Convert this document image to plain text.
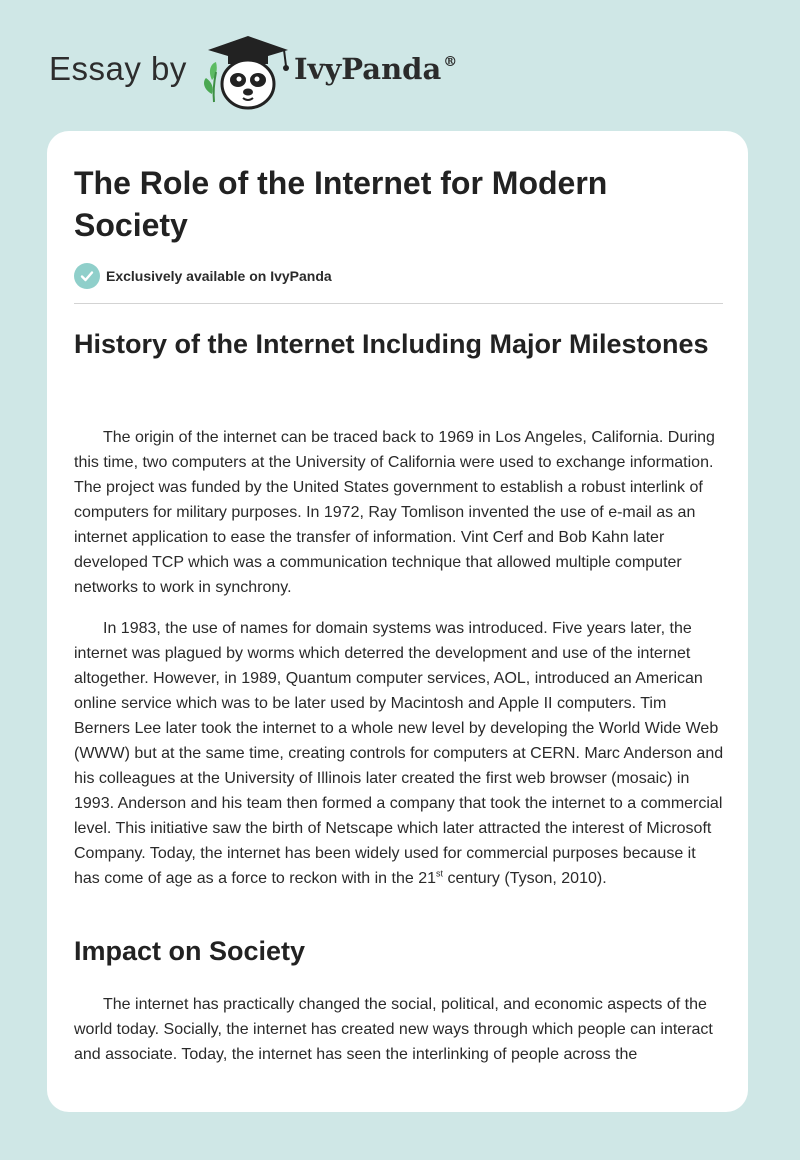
Essay by	IvyPanda ®
The Role of the Internet for Modern Society
Exclusively available on IvyPanda
History of the Internet Including Major Milestones

The origin of the internet can be traced back to 1969 in Los Angeles, California. During this time, two computers at the University of California were used to exchange information. The project was funded by the United States government to establish a robust interlink of computers for military purposes. In 1972, Ray Tomlison invented the use of e-mail as an internet application to ease the transfer of information. Vint Cerf and Bob Kahn later developed TCP which was a communication technique that allowed multiple computer networks to work in synchrony.

In 1983, the use of names for domain systems was introduced. Five years later, the internet was plagued by worms which deterred the development and use of the internet altogether. However, in 1989, Quantum computer services, AOL, introduced an American online service which was to be later used by Macintosh and Apple II computers. Tim Berners Lee later took the internet to a whole new level by developing the World Wide Web (WWW) but at the same time, creating controls for computers at CERN. Marc Anderson and his colleagues at the University of Illinois later created the first web browser (mosaic) in 1993. Anderson and his team then formed a company that took the internet to a commercial level. This initiative saw the birth of Netscape which later attracted the interest of Microsoft Company. Today, the internet has been widely used for commercial purposes because it has come of age as a force to reckon with in the 21st century (Tyson, 2010).

Impact on Society

The internet has practically changed the social, political, and economic aspects of the world today. Socially, the internet has created new ways through which people can interact and associate. Today, the internet has seen the interlinking of people across the
